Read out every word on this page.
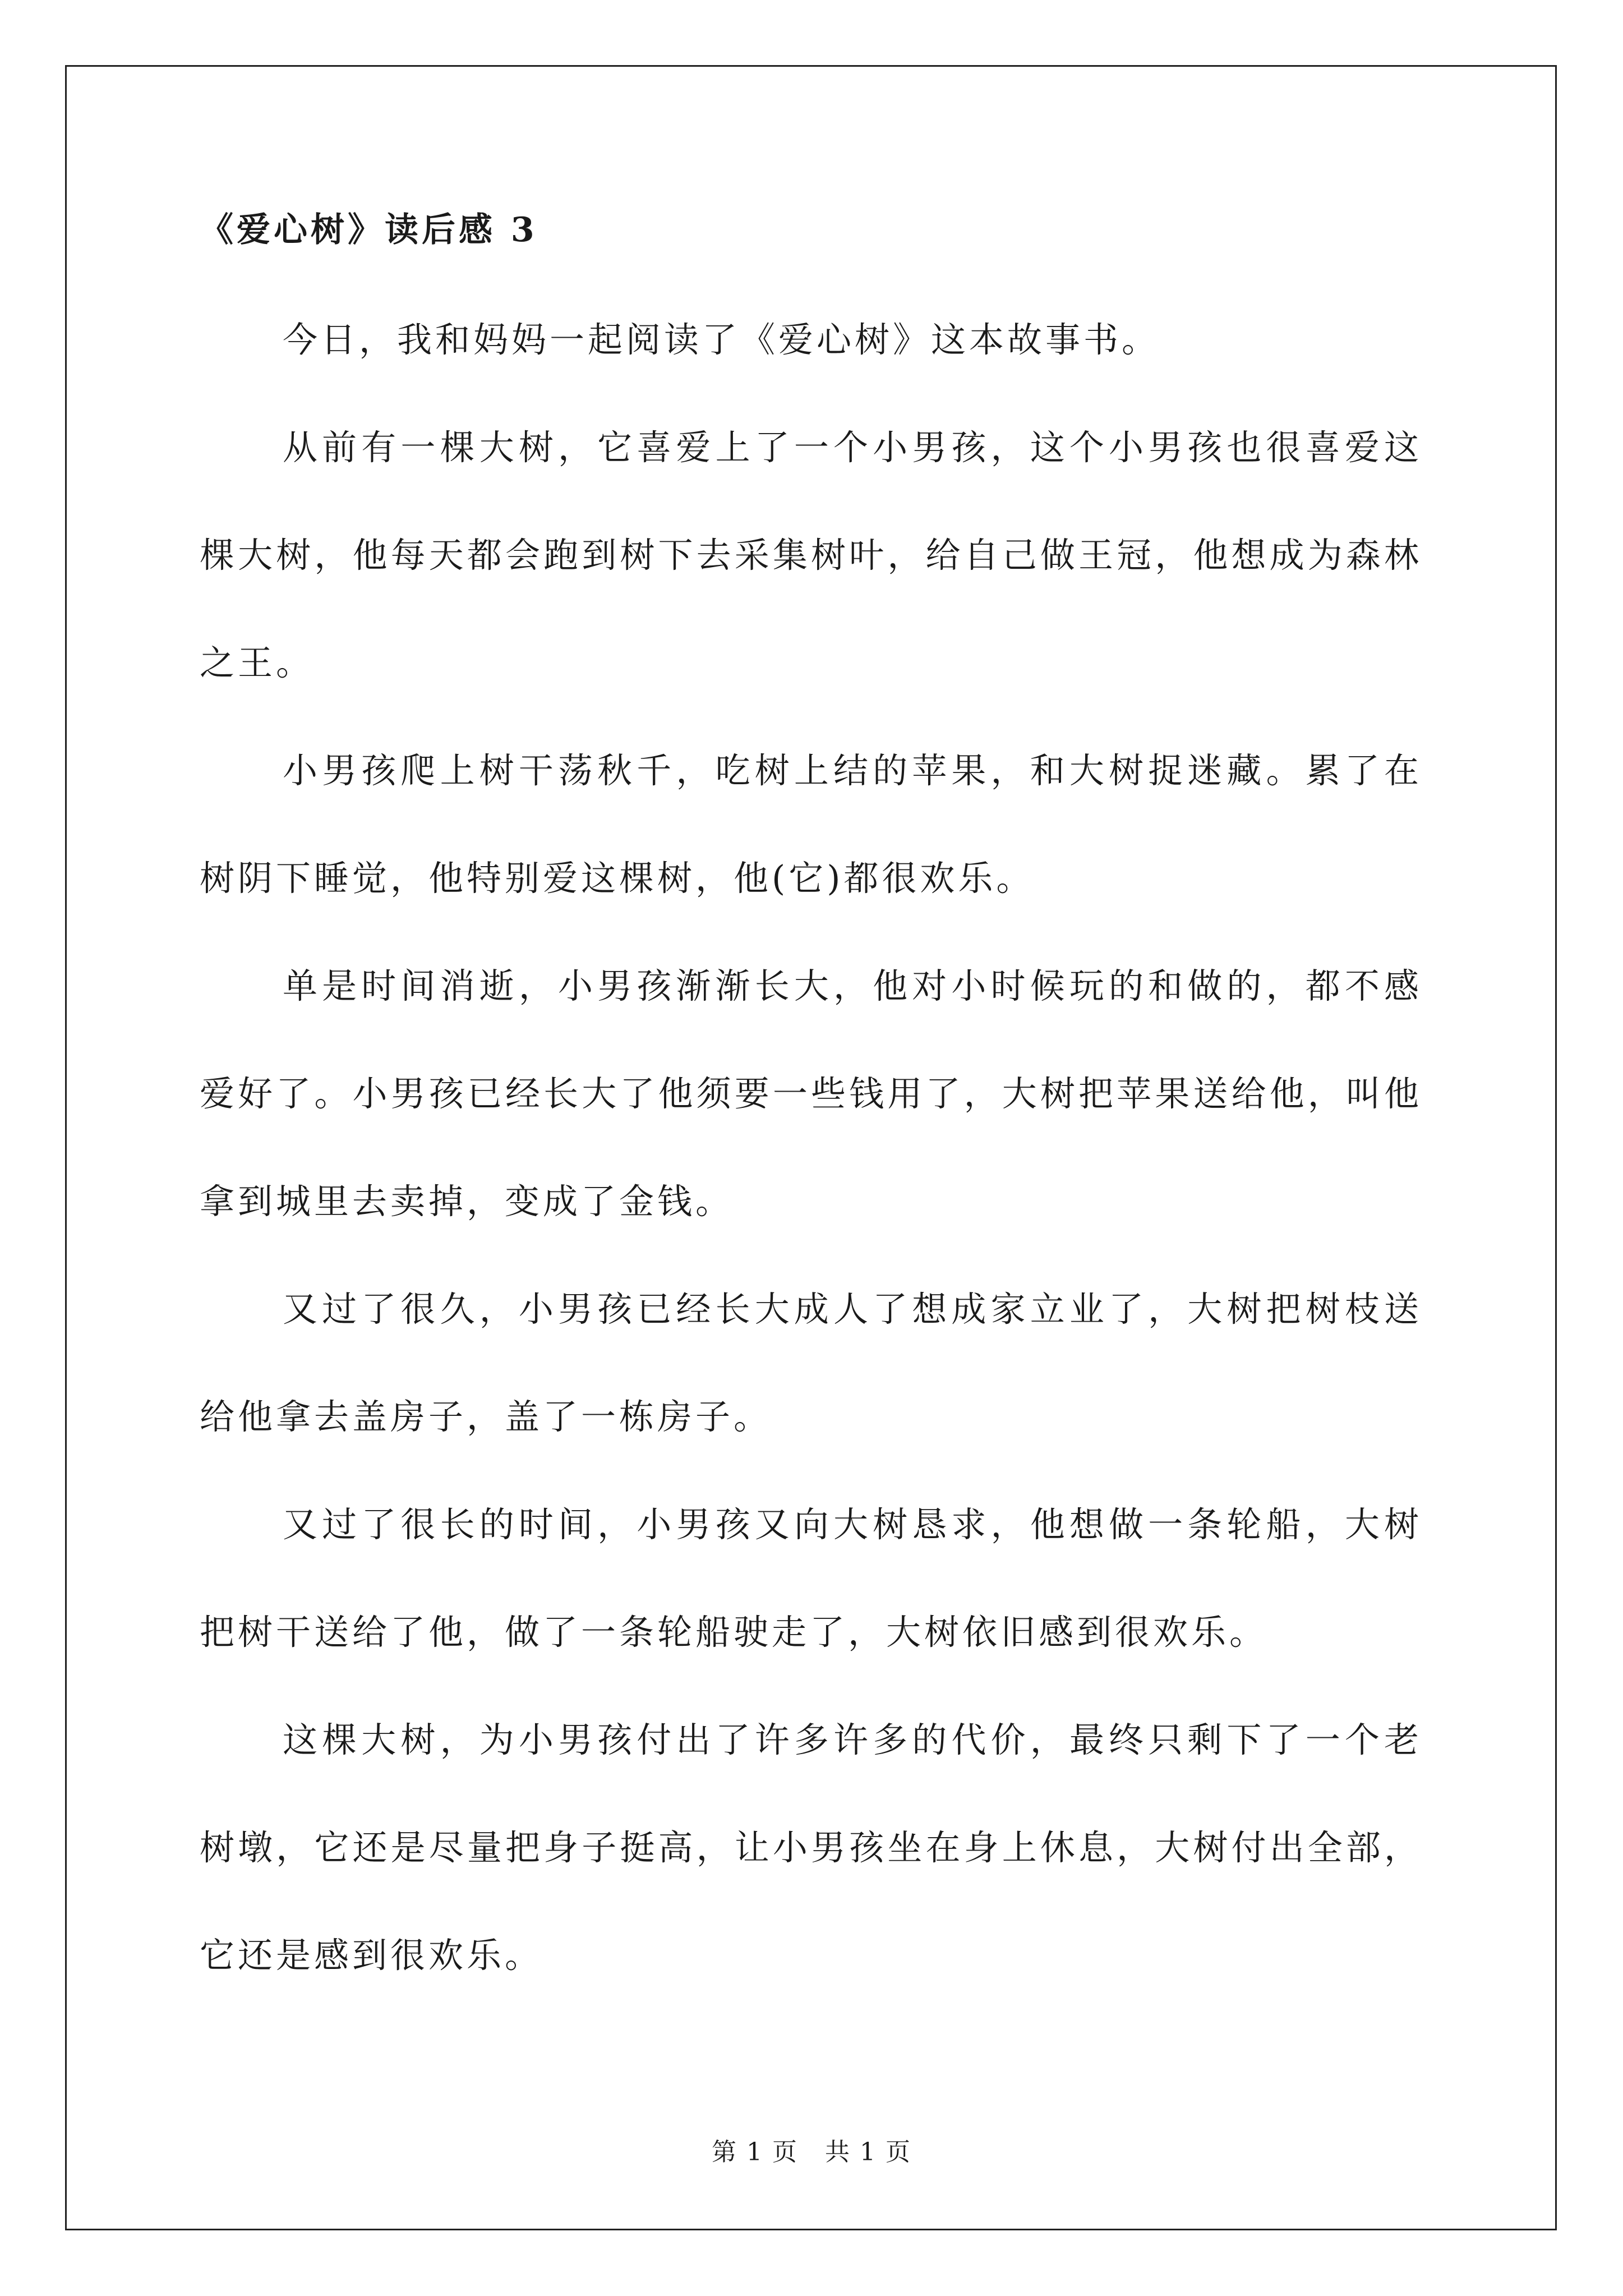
《爱心树》读后感 3

今日，我和妈妈一起阅读了《爱心树》这本故事书。

从前有一棵大树，它喜爱上了一个小男孩，这个小男孩也很喜爱这棵大树，他每天都会跑到树下去采集树叶，给自己做王冠，他想成为森林之王。

小男孩爬上树干荡秋千，吃树上结的苹果，和大树捉迷藏。累了在树阴下睡觉，他特别爱这棵树，他(它)都很欢乐。

单是时间消逝，小男孩渐渐长大，他对小时候玩的和做的，都不感爱好了。小男孩已经长大了他须要一些钱用了，大树把苹果送给他，叫他拿到城里去卖掉，变成了金钱。

又过了很久，小男孩已经长大成人了想成家立业了，大树把树枝送给他拿去盖房子，盖了一栋房子。

又过了很长的时间，小男孩又向大树恳求，他想做一条轮船，大树把树干送给了他，做了一条轮船驶走了，大树依旧感到很欢乐。

这棵大树，为小男孩付出了许多许多的代价，最终只剩下了一个老树墩，它还是尽量把身子挺高，让小男孩坐在身上休息，大树付出全部，它还是感到很欢乐。

第 1 页   共 1 页
